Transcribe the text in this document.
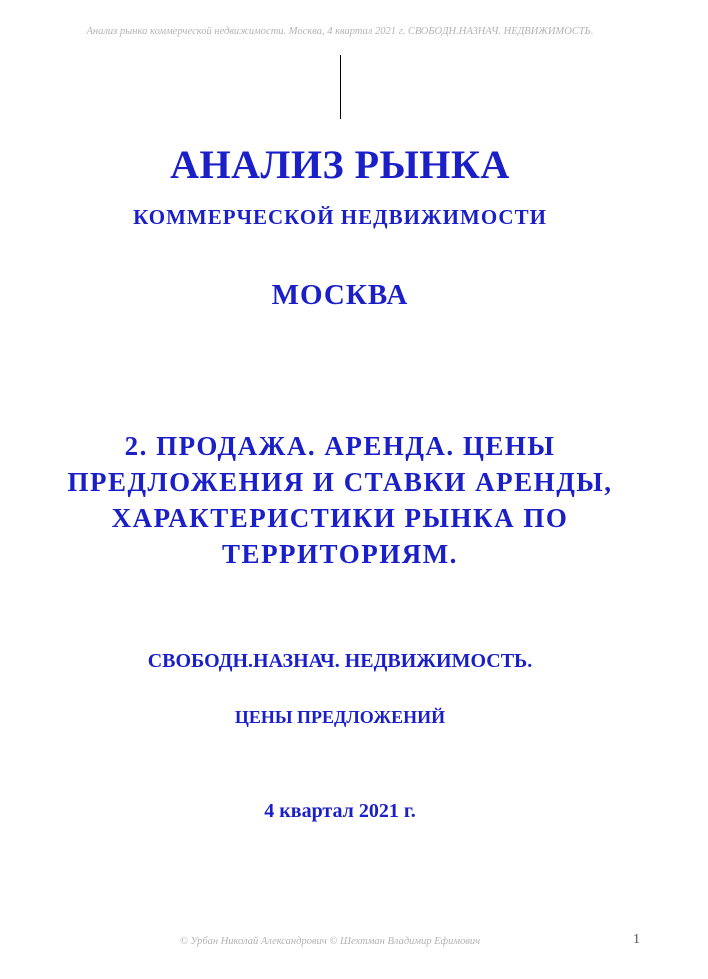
Анализ рынка коммерческой недвижимости. Москва, 4 квартал 2021 г. СВОБОДН.НАЗНАЧ. НЕДВИЖИМОСТЬ.
АНАЛИЗ РЫНКА
КОММЕРЧЕСКОЙ НЕДВИЖИМОСТИ
МОСКВА
2. ПРОДАЖА. АРЕНДА. ЦЕНЫ ПРЕДЛОЖЕНИЯ И СТАВКИ АРЕНДЫ, ХАРАКТЕРИСТИКИ РЫНКА ПО ТЕРРИТОРИЯМ.
СВОБОДН.НАЗНАЧ. НЕДВИЖИМОСТЬ.
ЦЕНЫ ПРЕДЛОЖЕНИЙ
4 квартал 2021 г.
© Урбан Николай Александрович © Шехтман Владимир Ефимович	1
